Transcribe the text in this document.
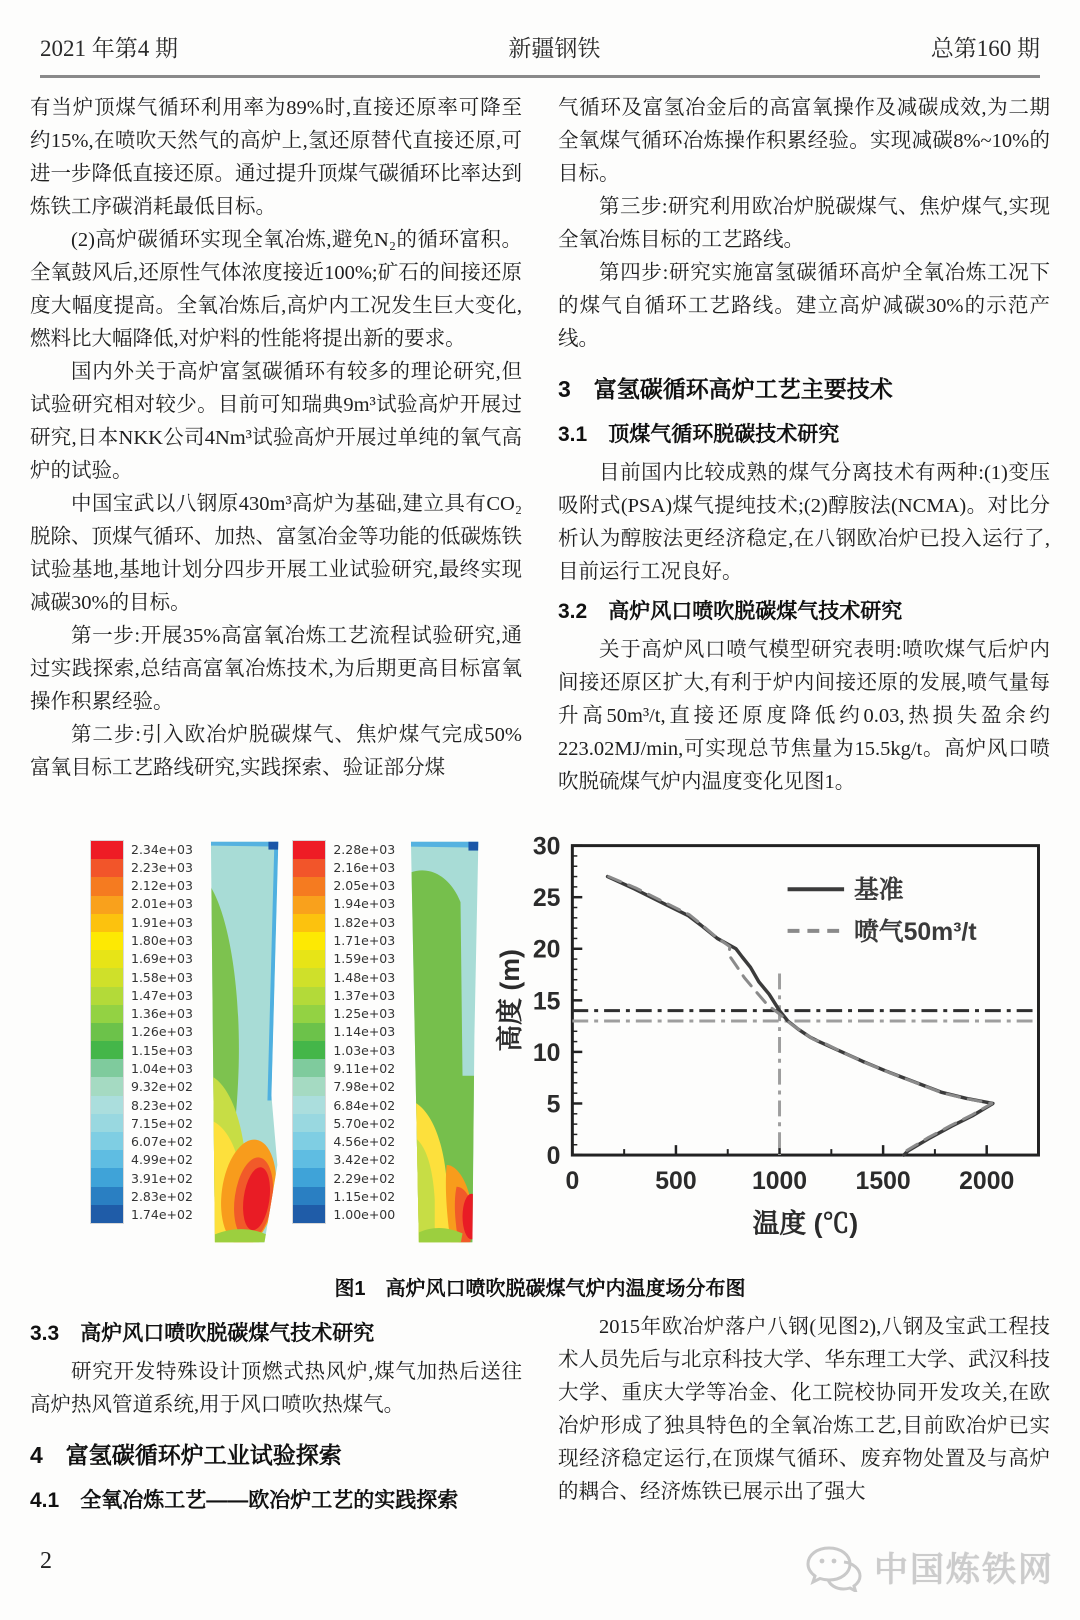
2021 年第4 期	新疆钢铁	总第160 期
有当炉顶煤气循环利用率为89%时,直接还原率可降至约15%,在喷吹天然气的高炉上,氢还原替代直接还原,可进一步降低直接还原。通过提升顶煤气碳循环比率达到炼铁工序碳消耗最低目标。
(2)高炉碳循环实现全氧冶炼,避免N₂的循环富积。全氧鼓风后,还原性气体浓度接近100%;矿石的间接还原度大幅度提高。全氧冶炼后,高炉内工况发生巨大变化,燃料比大幅降低,对炉料的性能将提出新的要求。
国内外关于高炉富氢碳循环有较多的理论研究,但试验研究相对较少。目前可知瑞典9m³试验高炉开展过研究,日本NKK公司4Nm³试验高炉开展过单纯的氧气高炉的试验。
中国宝武以八钢原430m³高炉为基础,建立具有CO₂脱除、顶煤气循环、加热、富氢冶金等功能的低碳炼铁试验基地,基地计划分四步开展工业试验研究,最终实现减碳30%的目标。
第一步:开展35%高富氧冶炼工艺流程试验研究,通过实践探索,总结高富氧冶炼技术,为后期更高目标富氧操作积累经验。
第二步:引入欧冶炉脱碳煤气、焦炉煤气完成50%富氧目标工艺路线研究,实践探索、验证部分煤
气循环及富氢冶金后的高富氧操作及减碳成效,为二期全氧煤气循环冶炼操作积累经验。实现减碳8%~10%的目标。
第三步:研究利用欧冶炉脱碳煤气、焦炉煤气,实现全氧冶炼目标的工艺路线。
第四步:研究实施富氢碳循环高炉全氧冶炼工况下的煤气自循环工艺路线。建立高炉减碳30%的示范产线。
3　富氢碳循环高炉工艺主要技术
3.1　顶煤气循环脱碳技术研究
目前国内比较成熟的煤气分离技术有两种:(1)变压吸附式(PSA)煤气提纯技术;(2)醇胺法(NCMA)。对比分析认为醇胺法更经济稳定,在八钢欧冶炉已投入运行了,目前运行工况良好。
3.2　高炉风口喷吹脱碳煤气技术研究
关于高炉风口喷气模型研究表明:喷吹煤气后炉内间接还原区扩大,有利于炉内间接还原的发展,喷气量每升高50m³/t,直接还原度降低约0.03,热损失盈余约223.02MJ/min,可实现总节焦量为15.5kg/t。高炉风口喷吹脱硫煤气炉内温度变化见图1。
2.34e+03
2.23e+03
2.12e+03
2.01e+03
1.91e+03
1.80e+03
1.69e+03
1.58e+03
1.47e+03
1.36e+03
1.26e+03
1.15e+03
1.04e+03
9.32e+02
8.23e+02
7.15e+02
6.07e+02
4.99e+02
3.91e+02
2.83e+02
1.74e+02
2.28e+03
2.16e+03
2.05e+03
1.94e+03
1.82e+03
1.71e+03
1.59e+03
1.48e+03
1.37e+03
1.25e+03
1.14e+03
1.03e+03
9.11e+02
7.98e+02
6.84e+02
5.70e+02
4.56e+02
3.42e+02
2.29e+02
1.15e+02
1.00e+00
0	500 1000 1500 2000
0
5
10
15
20
25
30
基准
喷气50m³/t
温度 (℃)
高度 (m)
图1　高炉风口喷吹脱碳煤气炉内温度场分布图
3.3　高炉风口喷吹脱碳煤气技术研究
研究开发特殊设计顶燃式热风炉,煤气加热后送往高炉热风管道系统,用于风口喷吹热煤气。
4　富氢碳循环炉工业试验探索
4.1　全氧冶炼工艺——欧冶炉工艺的实践探索
2015年欧冶炉落户八钢(见图2),八钢及宝武工程技术人员先后与北京科技大学、华东理工大学、武汉科技大学、重庆大学等冶金、化工院校协同开发攻关,在欧冶炉形成了独具特色的全氧冶炼工艺,目前欧冶炉已实现经济稳定运行,在顶煤气循环、废弃物处置及与高炉的耦合、经济炼铁已展示出了强大
2	中国炼铁网
